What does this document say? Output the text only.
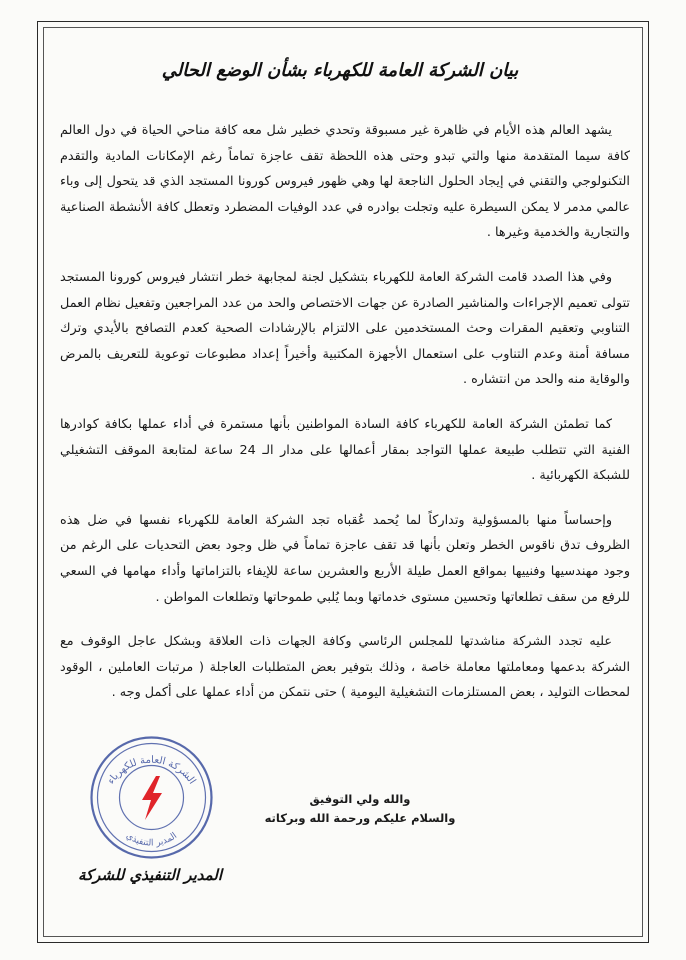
بيان الشركة العامة للكهرباء بشأن الوضع الحالي

يشهد العالم هذه الأيام في ظاهرة غير مسبوقة وتحدي خطير شل معه كافة مناحي الحياة في دول العالم كافة سيما المتقدمة منها والتي تبدو وحتى هذه اللحظة تقف عاجزة تماماً رغم الإمكانات المادية والتقدم التكنولوجي والتقني في إيجاد الحلول الناجعة لها وهي ظهور فيروس كورونا المستجد الذي قد يتحول إلى وباء عالمي مدمر لا يمكن السيطرة عليه وتجلت بوادره في عدد الوفيات المضطرد وتعطل كافة الأنشطة الصناعية والتجارية والخدمية وغيرها .

وفي هذا الصدد قامت الشركة العامة للكهرباء بتشكيل لجنة لمجابهة خطر انتشار فيروس كورونا المستجد تتولى تعميم الإجراءات والمناشير الصادرة عن جهات الاختصاص والحد من عدد المراجعين وتفعيل نظام العمل التناوبي وتعقيم المقرات وحث المستخدمين على الالتزام بالإرشادات الصحية كعدم التصافح بالأيدي وترك مسافة أمنة وعدم التناوب على استعمال الأجهزة المكتبية وأخيراً إعداد مطبوعات توعوية للتعريف بالمرض والوقاية منه والحد من انتشاره .

كما تطمئن الشركة العامة للكهرباء كافة السادة المواطنين بأنها مستمرة في أداء عملها بكافة كوادرها الفنية التي تتطلب طبيعة عملها التواجد بمقار أعمالها على مدار الـ 24 ساعة لمتابعة الموقف التشغيلي للشبكة الكهربائية .

وإحساساً منها بالمسؤولية وتداركاً لما يُحمد عُقباه تجد الشركة العامة للكهرباء نفسها في ضل هذه الظروف تدق ناقوس الخطر وتعلن بأنها قد تقف عاجزة تماماً في ظل وجود بعض التحديات على الرغم من وجود مهندسيها وفنييها بمواقع العمل طيلة الأربع والعشرين ساعة للإيفاء بالتزاماتها وأداء مهامها في السعي للرفع من سقف تطلعاتها وتحسين مستوى خدماتها وبما يُلبي طموحاتها وتطلعات المواطن .

عليه تجدد الشركة مناشدتها للمجلس الرئاسي وكافة الجهات ذات العلاقة وبشكل عاجل الوقوف مع الشركة بدعمها ومعاملتها معاملة خاصة ، وذلك بتوفير بعض المتطلبات العاجلة ( مرتبات العاملين ، الوقود لمحطات التوليد ، بعض المستلزمات التشغيلية اليومية ) حتى نتمكن من أداء عملها على أكمل وجه .

والله ولي التوفيق
والسلام عليكم ورحمة الله وبركاته
الشركة العامة للكهرباء
المدير التنفيذي
المدير التنفيذي للشركة
